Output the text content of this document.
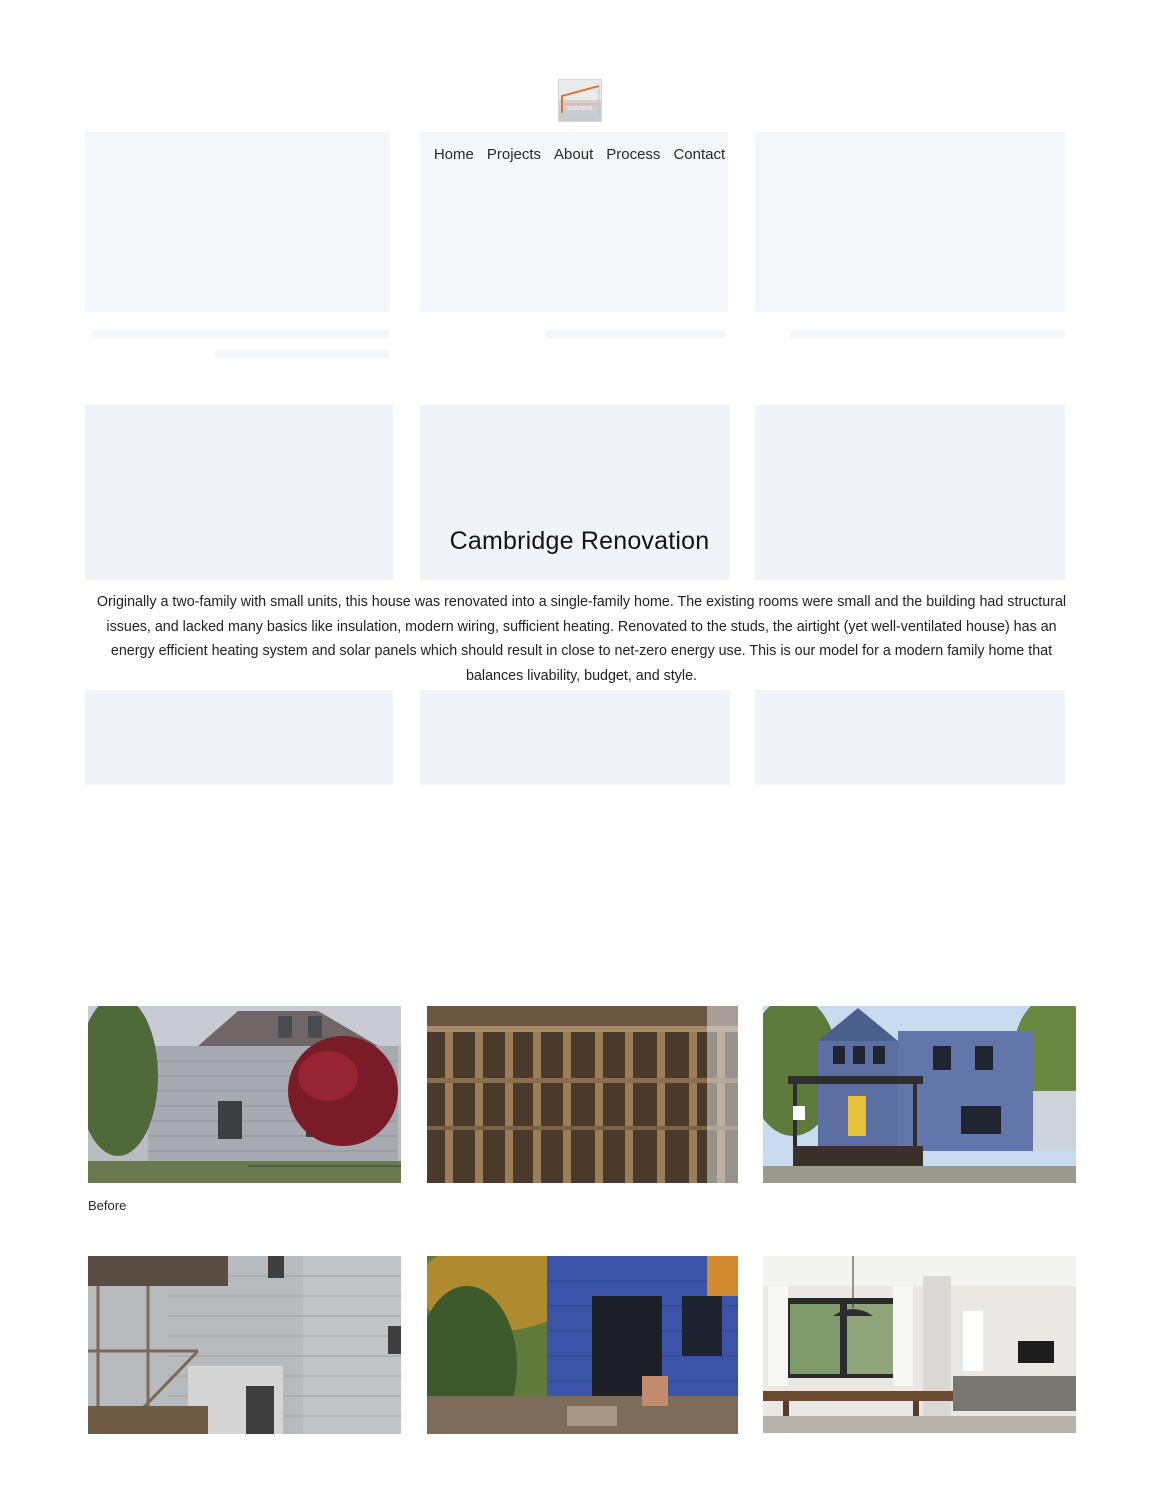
SOAPBOX
Home Projects About Process Contact
Cambridge Renovation

Originally a two-family with small units, this house was renovated into a single-family home. The existing rooms were small and the building had structural issues, and lacked many basics like insulation, modern wiring, sufficient heating. Renovated to the studs, the airtight (yet well-ventilated house) has an energy efficient heating system and solar panels which should result in close to net-zero energy use. This is our model for a modern family home that balances livability, budget, and style.

Before
